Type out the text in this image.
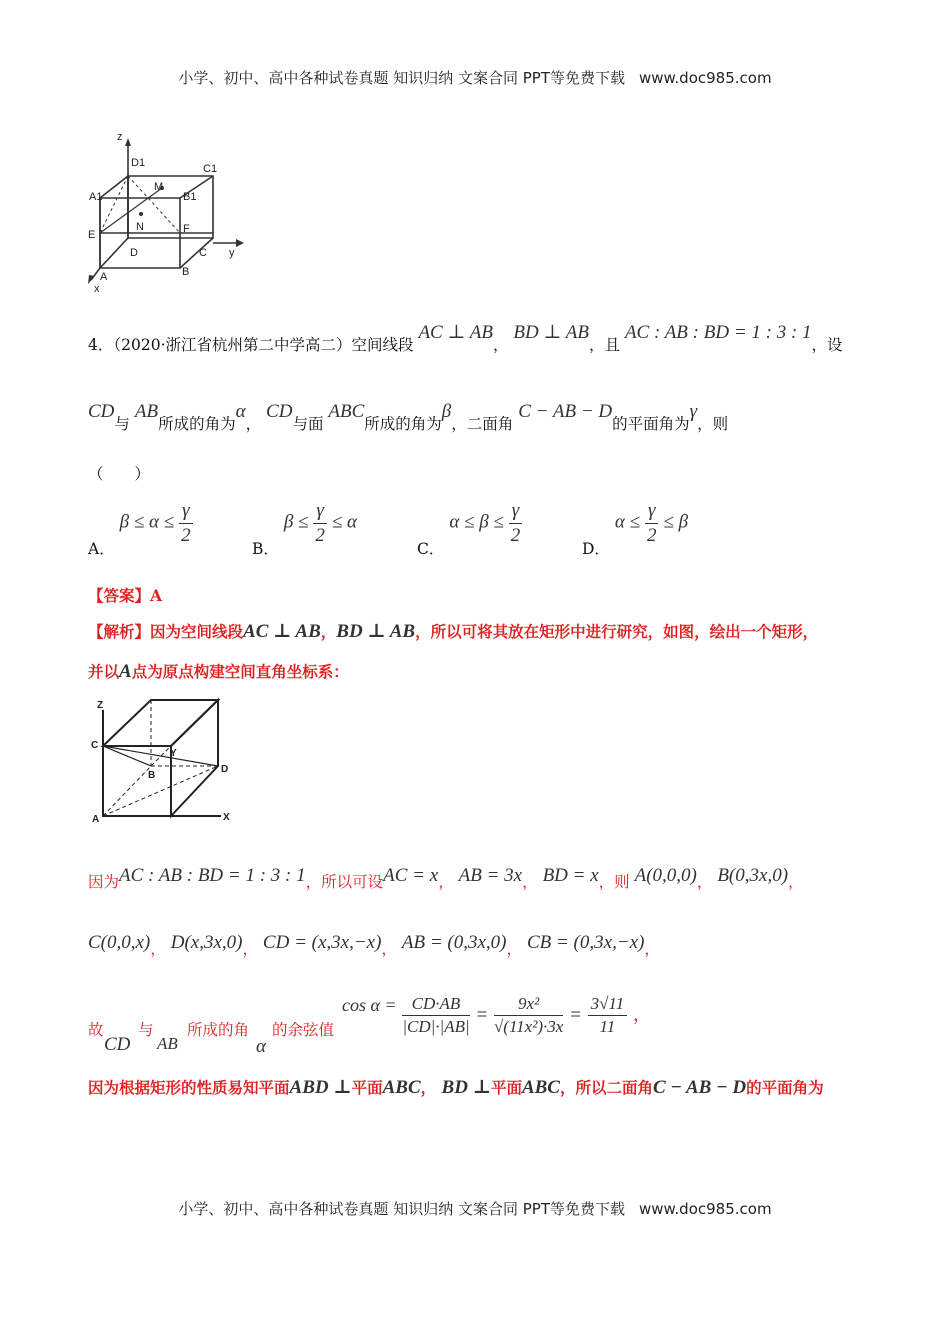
小学、初中、高中各种试卷真题 知识归纳 文案合同 PPT等免费下载 www.doc985.com
z
D1	C1
A1
M
B1
E
N	F
D	C y
A	B
x
4．（2020·浙江省杭州第二中学高二）空间线段 AC ⊥ AB， BD ⊥ AB，且 AC : AB : BD = 1 : 3 : 1，设
CD与 AB所成的角为α， CD与面 ABC所成的角为β，二面角 C − AB − D的平面角为γ，则
（　　）
A． $\beta \le \alpha \le \frac{\gamma}{2}$
B． $\beta \le \frac{\gamma}{2} \le \alpha$
C． $\alpha \le \beta \le \frac{\gamma}{2}$
D． $\alpha \le \frac{\gamma}{2} \le \beta$
【答案】A
【解析】因为空间线段AC ⊥ AB，BD ⊥ AB，所以可将其放在矩形中进行研究，如图，绘出一个矩形，
并以A点为原点构建空间直角坐标系：
Z
C
Y
B
D
A	X
因为AC : AB : BD = 1 : 3 : 1，所以可设AC = x， AB = 3x， BD = x，则 A(0,0,0)， B(0,3x,0)，
C(0,0,x)， D(x,3x,0)， CD = (x,3x,−x)， AB = (0,3x,0)， CB = (0,3x,−x)，
故
CD
与
AB
所成的角
α
的余弦值
$\cos \alpha = \frac{CD\cdot AB}{|CD|\cdot|AB|} = \frac{\text{9x²}}{\text{√(11x²)·3x}} = \frac{3√11}{11}$ ，
因为根据矩形的性质易知平面ABD ⊥平面ABC， BD ⊥平面ABC，所以二面角C − AB − D的平面角为
小学、初中、高中各种试卷真题 知识归纳 文案合同 PPT等免费下载 www.doc985.com
